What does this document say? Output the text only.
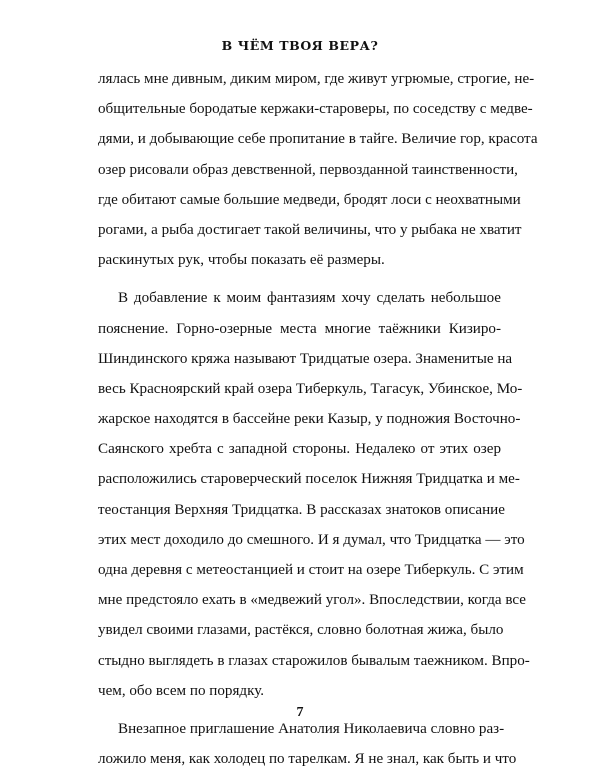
В ЧЁМ ТВОЯ ВЕРА?
лялась мне дивным, диким миром, где живут угрюмые, строгие, не-
общительные бородатые кержаки-староверы, по соседству с медве-
дями, и добывающие себе пропитание в тайге. Величие гор, красота
озер рисовали образ девственной, первозданной таинственности,
где обитают самые большие медведи, бродят лоси с неохватными
рогами, а рыба достигает такой величины, что у рыбака не хватит
раскинутых рук, чтобы показать её размеры.
В добавление к моим фантазиям хочу сделать небольшое
пояснение. Горно-озерные места многие таёжники Кизиро-
Шиндинского кряжа называют Тридцатые озера. Знаменитые на
весь Красноярский край озера Тиберкуль, Тагасук, Убинское, Мо-
жарское находятся в бассейне реки Казыр, у подножия Восточно-
Саянского хребта с западной стороны. Недалеко от этих озер
расположились староверческий поселок Нижняя Тридцатка и ме-
теостанция Верхняя Тридцатка. В рассказах знатоков описание
этих мест доходило до смешного. И я думал, что Тридцатка — это
одна деревня с метеостанцией и стоит на озере Тиберкуль. С этим
мне предстояло ехать в «медвежий угол». Впоследствии, когда все
увидел своими глазами, растёкся, словно болотная жижа, было
стыдно выглядеть в глазах старожилов бывалым таежником. Впро-
чем, обо всем по порядку.
Внезапное приглашение Анатолия Николаевича словно раз-
ложило меня, как холодец по тарелкам. Я не знал, как быть и что
7
